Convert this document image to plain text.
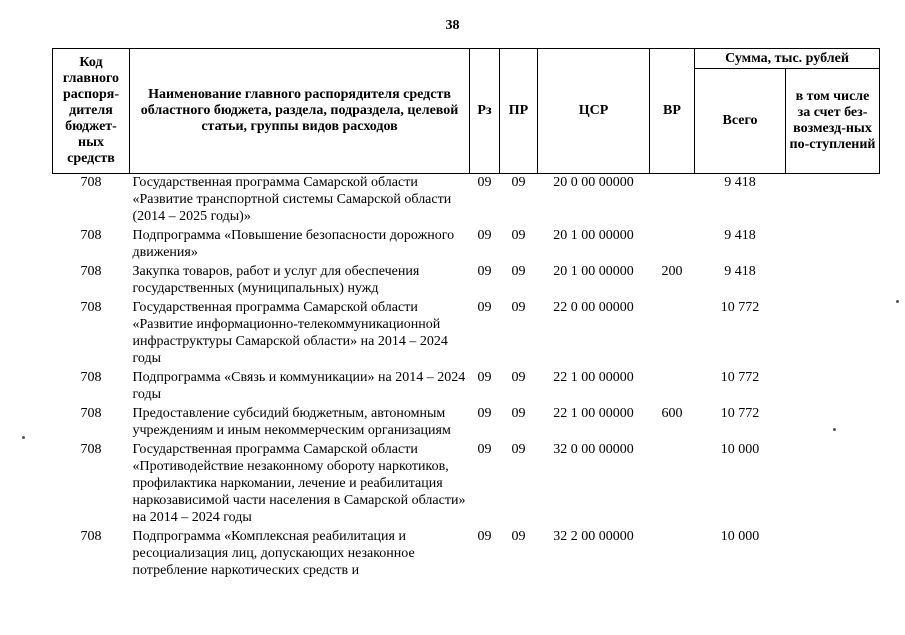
38
Код главного распоря-дителя бюджет-ных средств	Наименование главного распорядителя средств областного бюджета, раздела, подраздела, целевой статьи, группы видов расходов	Рз	ПР	ЦСР	ВР	Сумма, тыс. рублей	
						Всего	в том числе за счет без-возмезд-ных по-ступлений
708	Государственная программа Самарской области «Развитие транспортной системы Самарской области (2014 – 2025 годы)»	09	09	20 0 00 00000		9 418	
708	Подпрограмма «Повышение безопасности дорожного движения»	09	09	20 1 00 00000		9 418	
708	Закупка товаров, работ и услуг для обеспечения государственных (муниципальных) нужд	09	09	20 1 00 00000	200	9 418	
708	Государственная программа Самарской области «Развитие информационно-телекоммуникационной инфраструктуры Самарской области» на 2014 – 2024 годы	09	09	22 0 00 00000		10 772	
708	Подпрограмма «Связь и коммуникации» на 2014 – 2024 годы	09	09	22 1 00 00000		10 772	
708	Предоставление субсидий бюджетным, автономным учреждениям и иным некоммерческим организациям	09	09	22 1 00 00000	600	10 772	
708	Государственная программа Самарской области «Противодействие незаконному обороту наркотиков, профилактика наркомании, лечение и реабилитация наркозависимой части населения в Самарской области» на 2014 – 2024 годы	09	09	32 0 00 00000		10 000	
708	Подпрограмма «Комплексная реабилитация и ресоциализация лиц, допускающих незаконное потребление наркотических средств и	09	09	32 2 00 00000		10 000	
